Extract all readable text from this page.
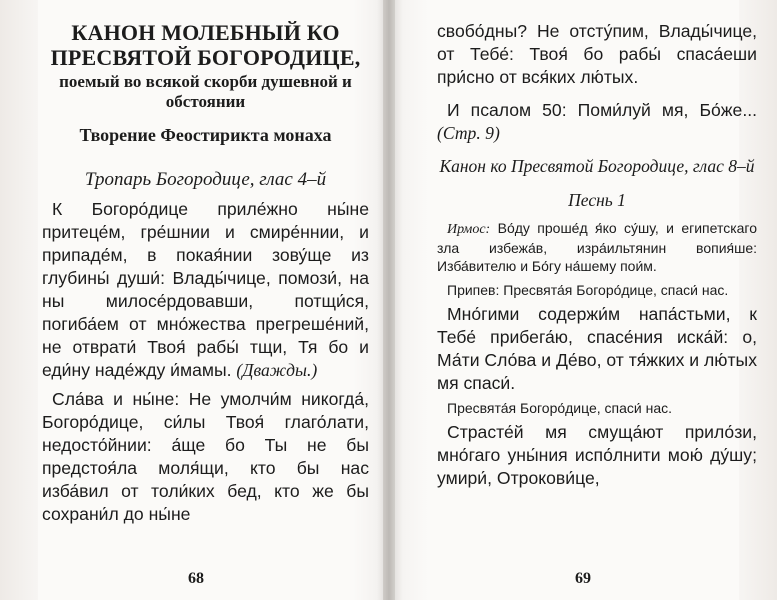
КАНОН МОЛЕБНЫЙ КО ПРЕСВЯТОЙ БОГОРОДИЦЕ,
поемый во всякой скорби душевной и обстоянии
Творение Феостирикта монаха
Тропарь Богородице, глас 4–й

К Богоро́дице приле́жно ны́не притеце́м, гре́шнии и смире́ннии, и припаде́м, в покая́нии зову́ще из глубины́ души́: Влады́чице, помози́, на ны милосе́рдовавши, потщи́ся, погиба́ем от мно́жества прегреше́ний, не отврати́ Твоя́ рабы́ тщи, Тя бо и еди́ну наде́жду и́мамы. (Дважды.)

Сла́ва и ны́не: Не умолчи́м никогда́, Богоро́дице, си́лы Твоя́ глаго́лати, недосто́йнии: а́ще бо Ты не бы предстоя́ла моля́щи, кто бы нас изба́вил от толи́ких бед, кто же бы сохрани́л до ны́не

68

свобо́дны? Не отсту́пим, Влады́чице, от Тебе́: Твоя́ бо рабы́ спаса́еши при́сно от вся́ких лю́тых.

И псалом 50: Поми́луй мя, Бо́же... (Стр. 9)

Канон ко Пресвятой Богородице, глас 8–й
Песнь 1

Ирмос: Во́ду проше́д я́ко су́шу, и египетскаго зла избежа́в, изра́ильтянин вопия́ше: Изба́вителю и Бо́гу на́шему пои́м.

Припев: Пресвята́я Богоро́дице, спаси́ нас.

Мно́гими содержи́м напа́стьми, к Тебе́ прибега́ю, спасе́ния иска́й: о, Ма́ти Сло́ва и Де́во, от тя́жких и лю́тых мя спаси́.

Пресвята́я Богоро́дице, спаси́ нас.

Страсте́й мя смуща́ют прило́зи, мно́гаго уны́ния испо́лнити мою́ ду́шу; умири́, Отрокови́це,

69
